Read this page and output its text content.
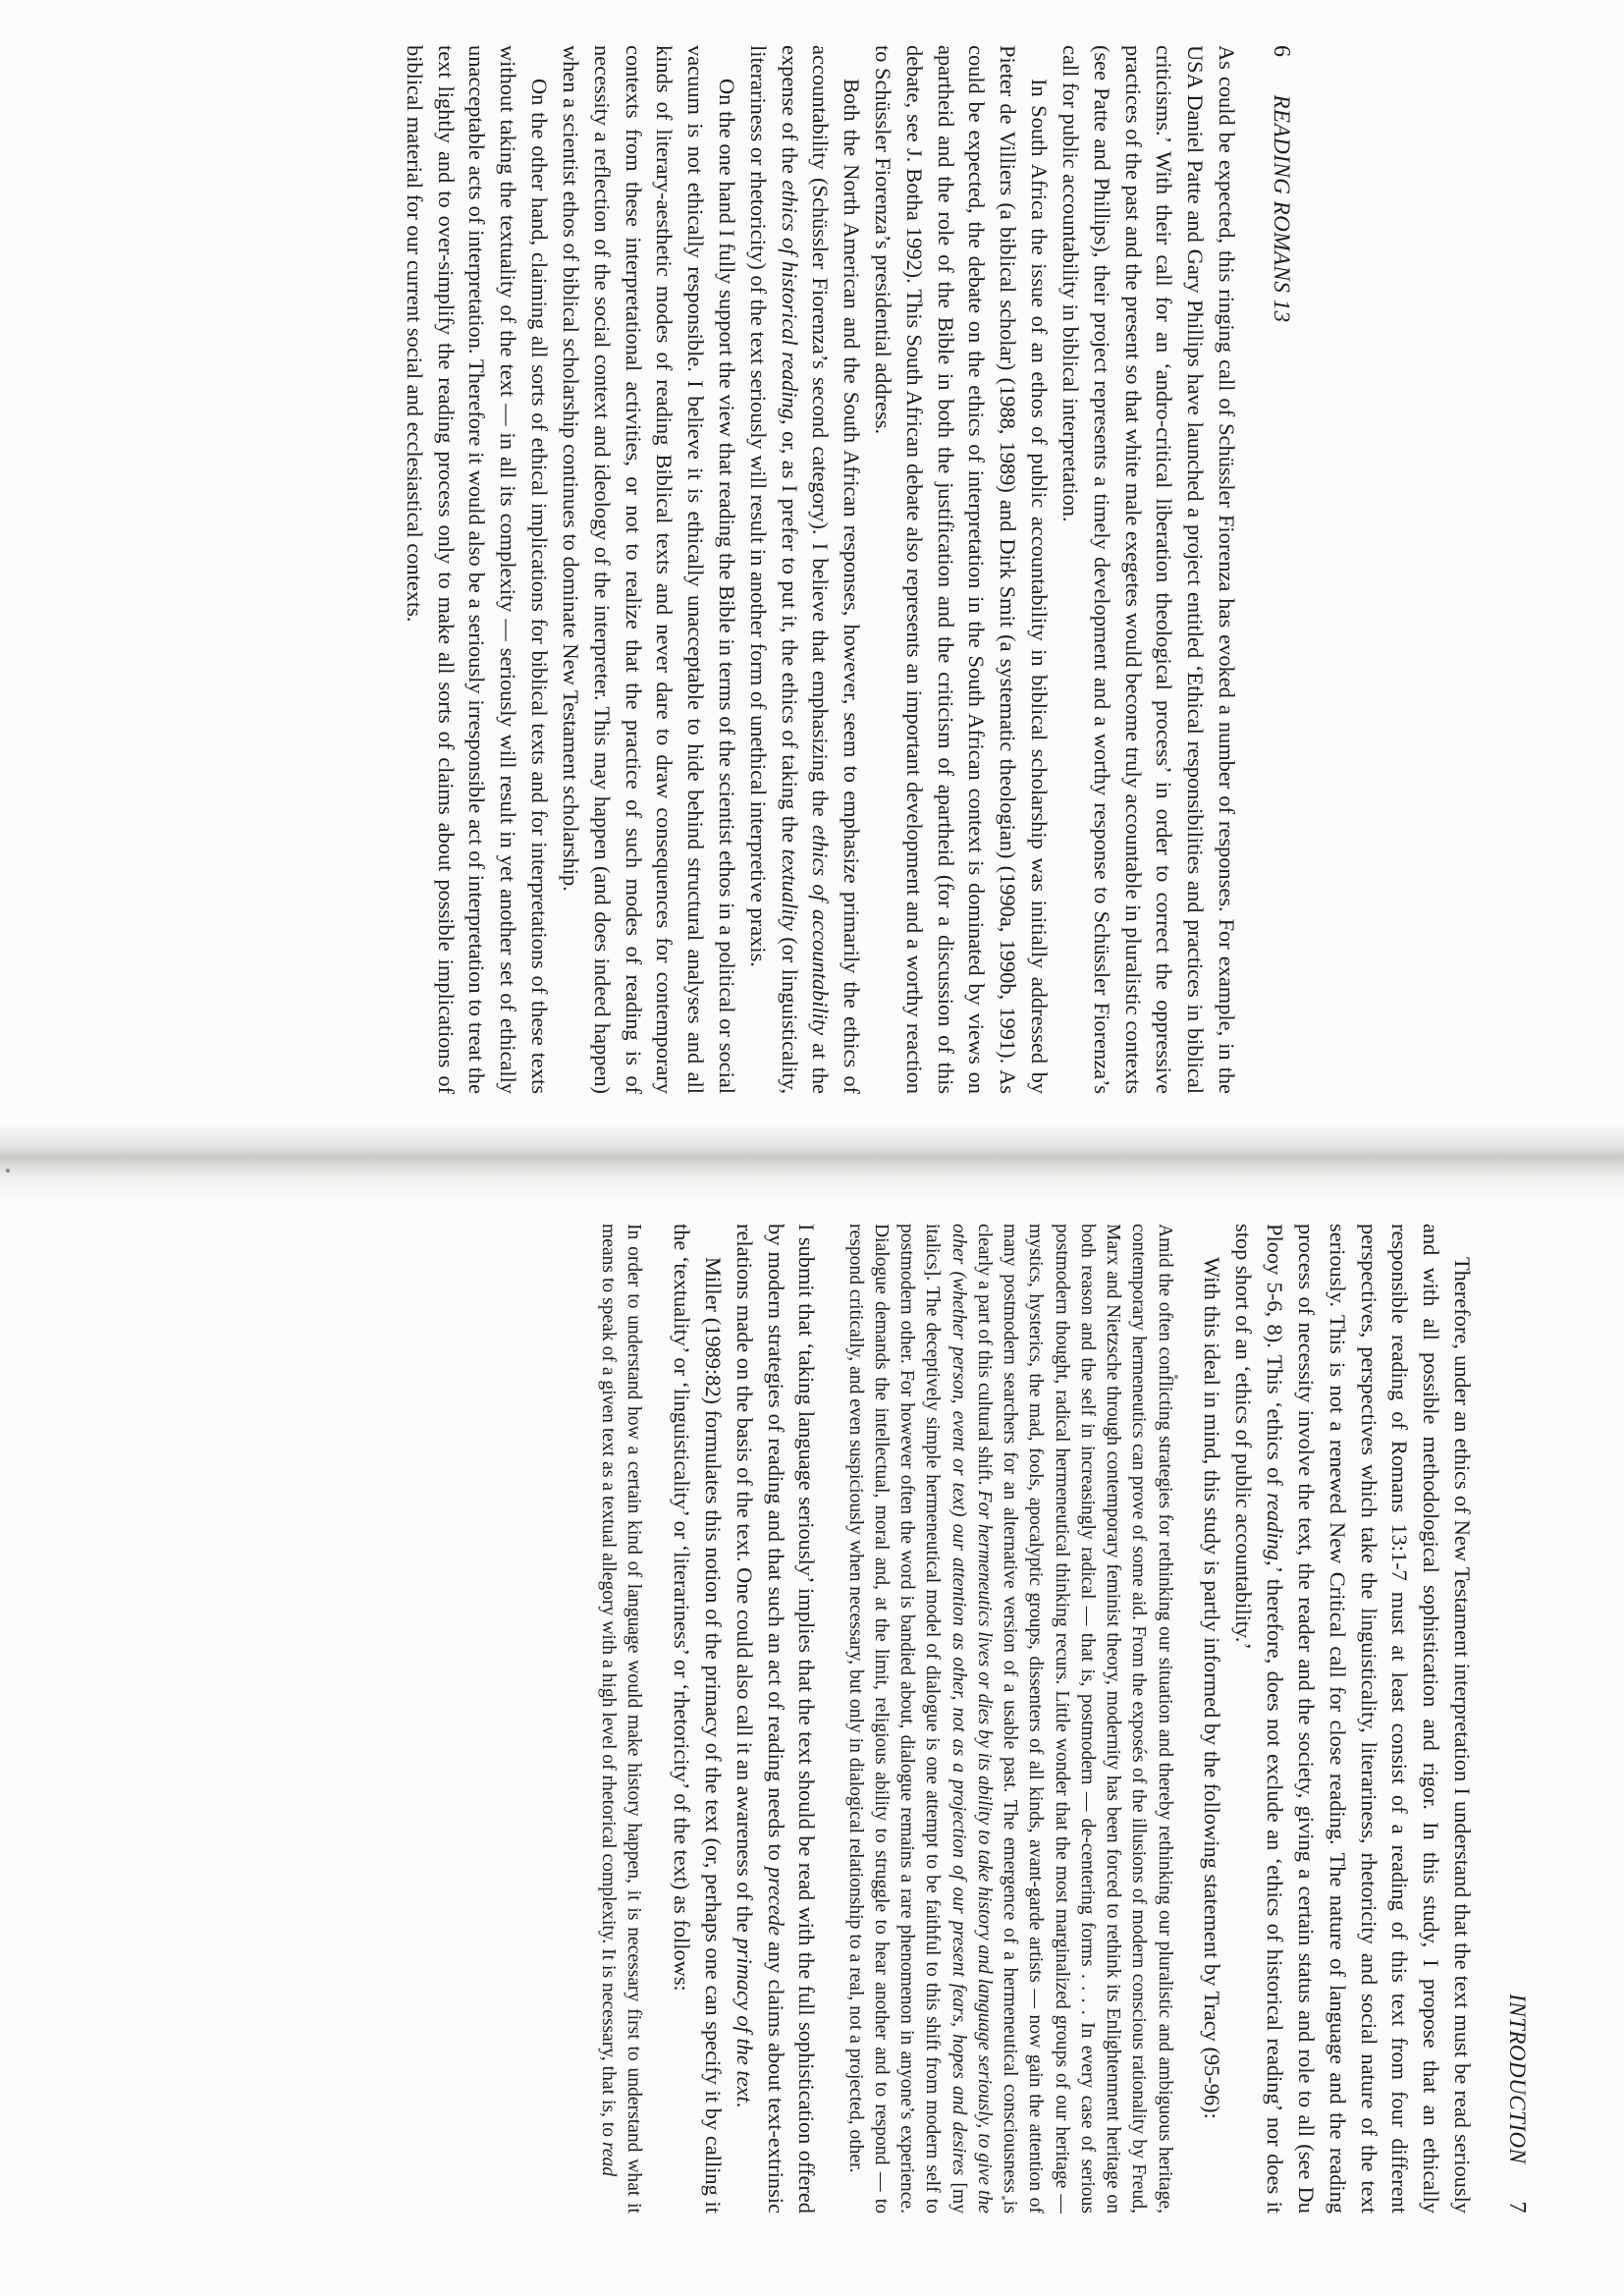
6
READING ROMANS 13

As could be expected, this ringing call of Schüssler Fiorenza has evoked a number of responses. For example, in the USA Daniel Patte and Gary Phillips have launched a project entitled ‘Ethical responsibilities and practices in biblical criticisms.’ With their call for an ‘andro-critical liberation theological process’ in order to correct the oppressive practices of the past and the present so that white male exegetes would become truly accountable in pluralistic contexts (see Patte and Phillips), their project represents a timely development and a worthy response to Schüssler Fiorenza’s call for public accountability in biblical interpretation.

In South Africa the issue of an ethos of public accountability in biblical scholarship was initially addressed by Pieter de Villiers (a biblical scholar) (1988, 1989) and Dirk Smit (a systematic theologian) (1990a, 1990b, 1991). As could be expected, the debate on the ethics of interpretation in the South African context is dominated by views on apartheid and the role of the Bible in both the justification and the criticism of apartheid (for a discussion of this debate, see J. Botha 1992). This South African debate also represents an important development and a worthy reaction to Schüssler Fiorenza’s presidential address.

Both the North American and the South African responses, however, seem to emphasize primarily the ethics of accountability (Schüssler Fiorenza’s second category). I believe that emphasizing the ethics of accountability at the expense of the ethics of historical reading, or, as I prefer to put it, the ethics of taking the textuality (or linguisticality, literariness or rhetoricity) of the text seriously will result in another form of unethical interpretive praxis.

On the one hand I fully support the view that reading the Bible in terms of the scientist ethos in a political or social vacuum is not ethically responsible. I believe it is ethically unacceptable to hide behind structural analyses and all kinds of literary-aesthetic modes of reading Biblical texts and never dare to draw consequences for contemporary contexts from these interpretational activities, or not to realize that the practice of such modes of reading is of necessity a reflection of the social context and ideology of the interpreter. This may happen (and does indeed happen) when a scientist ethos of biblical scholarship continues to dominate New Testament scholarship.

On the other hand, claiming all sorts of ethical implications for biblical texts and for interpretations of these texts without taking the textuality of the text — in all its complexity — seriously will result in yet another set of ethically unacceptable acts of interpretation. Therefore it would also be a seriously irresponsible act of interpretation to treat the text lightly and to over-simplify the reading process only to make all sorts of claims about possible implications of biblical material for our current social and ecclesiastical contexts.

INTRODUCTION
7

Therefore, under an ethics of New Testament interpretation I understand that the text must be read seriously and with all possible methodological sophistication and rigor. In this study, I propose that an ethically responsible reading of Romans 13:1-7 must at least consist of a reading of this text from four different perspectives, perspectives which take the linguisticality, literariness, rhetoricity and social nature of the text seriously. This is not a renewed New Critical call for close reading. The nature of language and the reading process of necessity involve the text, the reader and the society, giving a certain status and role to all (see Du Plooy 5-6, 8). This ‘ethics of reading,’ therefore, does not exclude an ‘ethics of historical reading’ nor does it stop short of an ‘ethics of public accountability.’

With this ideal in mind, this study is partly informed by the following statement by Tracy (95-96):

Amid the often conflicting strategies for rethinking our situation and thereby rethinking our pluralistic and ambiguous heritage, contemporary hermeneutics can prove of some aid. From the exposés of the illusions of modern conscious rationality by Freud, Marx and Nietzsche through contemporary feminist theory, modernity has been forced to rethink its Enlightenment heritage on both reason and the self in increasingly radical — that is, postmodern — de-centering forms . . . . In every case of serious postmodern thought, radical hermeneutical thinking recurs. Little wonder that the most marginalized groups of our heritage — mystics, hysterics, the mad, fools, apocalyptic groups, dissenters of all kinds, avant-garde artists — now gain the attention of many postmodern searchers for an alternative version of a usable past. The emergence of a hermeneutical consciousness is clearly a part of this cultural shift. For hermeneutics lives or dies by its ability to take history and language seriously, to give the other (whether person, event or text) our attention as other, not as a projection of our present fears, hopes and desires [my italics]. The deceptively simple hermeneutical model of dialogue is one attempt to be faithful to this shift from modern self to postmodern other. For however often the word is bandied about, dialogue remains a rare phenomenon in anyone’s experience. Dialogue demands the intellectual, moral and, at the limit, religious ability to struggle to hear another and to respond — to respond critically, and even suspiciously when necessary, but only in dialogical relationship to a real, not a projected, other.

I submit that ‘taking language seriously’ implies that the text should be read with the full sophistication offered by modern strategies of reading and that such an act of reading needs to precede any claims about text-extrinsic relations made on the basis of the text. One could also call it an awareness of the primacy of the text.

Miller (1989:82) formulates this notion of the primacy of the text (or, perhaps one can specify it by calling it the ‘textuality’ or ‘linguisticality’ or ‘literariness’ or ‘rhetoricity’ of the text) as follows:

In order to understand how a certain kind of language would make history happen, it is necessary first to understand what it means to speak of a given text as a textual allegory with a high level of rhetorical complexity. It is necessary, that is, to read
